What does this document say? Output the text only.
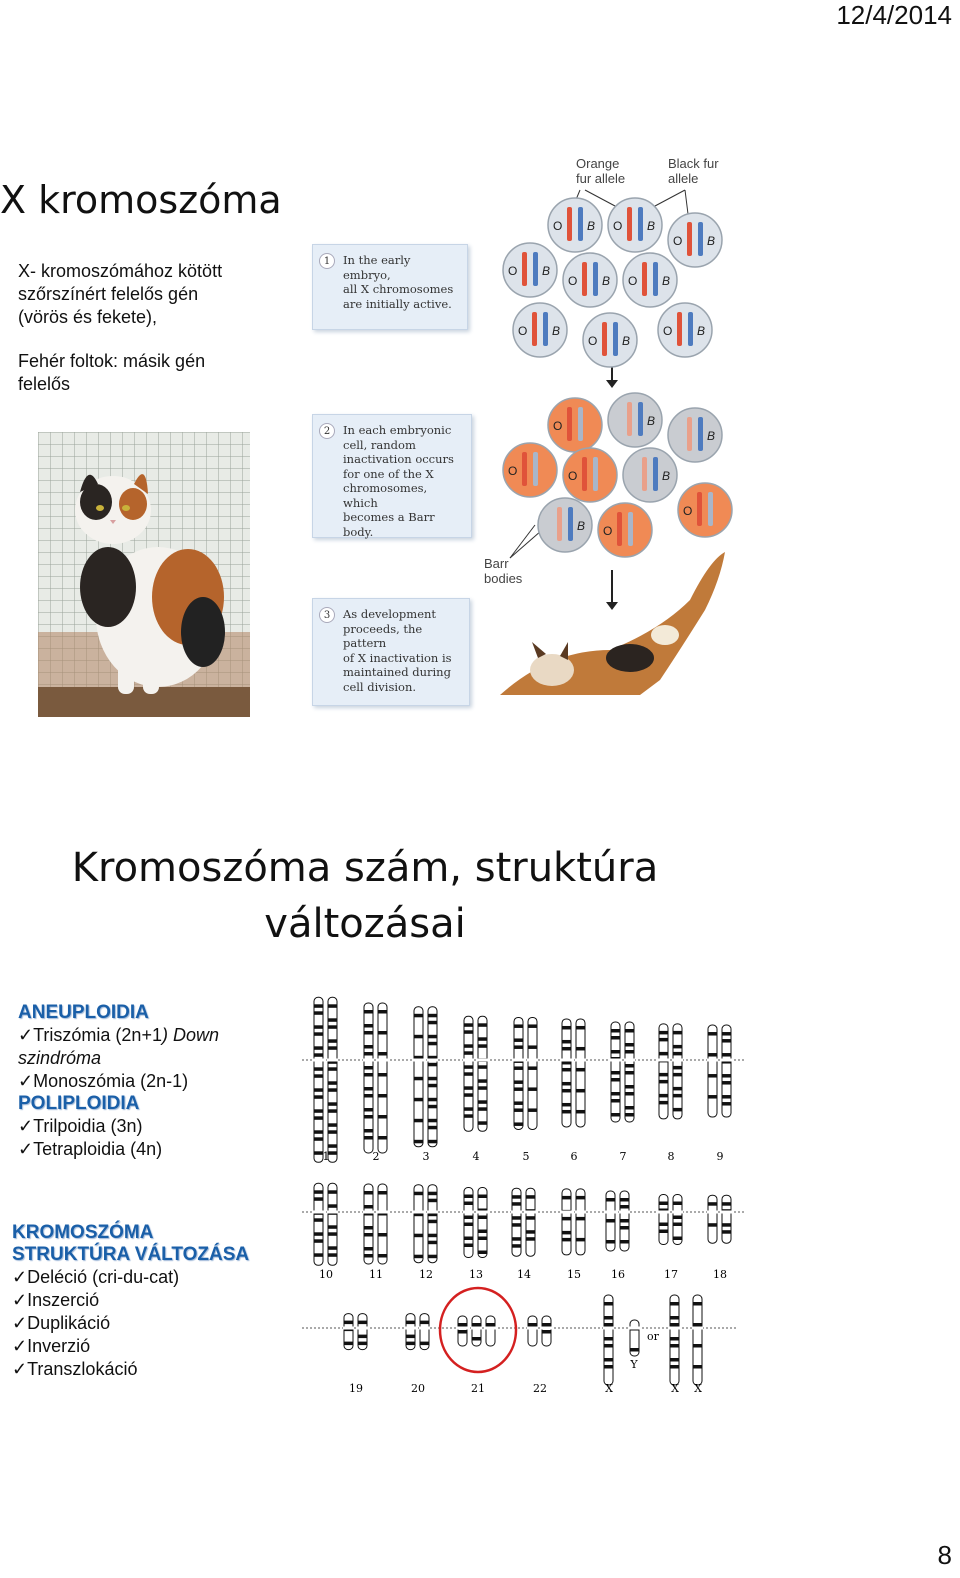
12/4/2014
8
X kromoszóma
X- kromoszómához kötött
szőrszínért felelős gén
(vörös és fekete),
Fehér foltok: másik gén
felelős
1	In the early embryo,
all X chromosomes
are initially active.
2	In each embryonic
cell, random
inactivation occurs
for one of the X
chromosomes, which
becomes a Barr body.
3	As development
proceeds, the pattern
of X inactivation is
maintained during
cell division.
Orange
fur allele
Black fur
allele
Barr
bodies
O B O B
O B
O B
O B O B
O B
O B
O B
O	B
B
O	O	B
O
B O
Kromoszóma szám, struktúra
változásai
ANEUPLOIDIA
✓Triszómia (2n+1) Down
szindróma
✓Monoszómia (2n-1)
POLIPLOIDIA
✓Trilpoidia (3n)
✓Tetraploidia (4n)
KROMOSZÓMA
STRUKTÚRA VÁLTOZÁSA
✓Deléció (cri-du-cat)
✓Inszerció
✓Duplikáció
✓Inverzió
✓Transzlokáció
1	2	3	4	5	6	7	8	9
10	11	12	13	14	15	16	17	18
19	20	21	22	X
Y
or
X X
